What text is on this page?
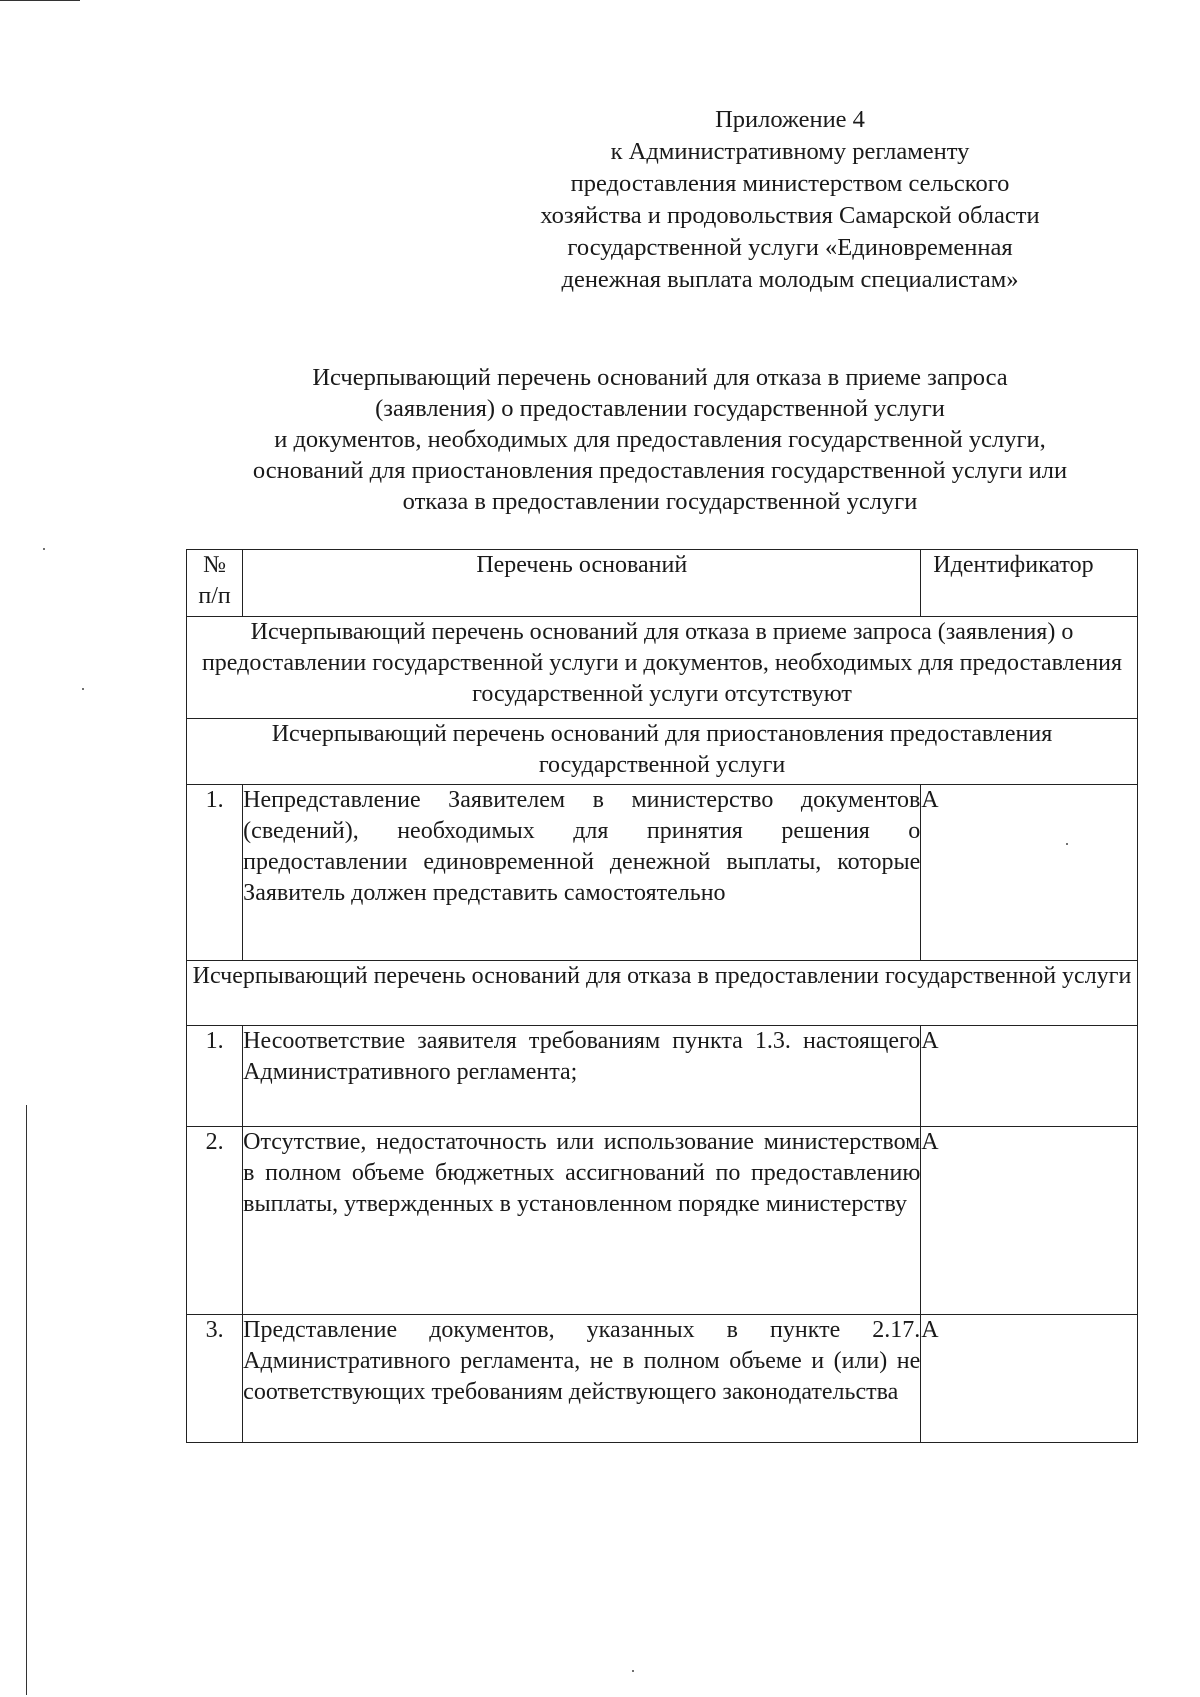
Приложение 4
к Административному регламенту
предоставления министерством сельского
хозяйства и продовольствия Самарской области
государственной услуги «Единовременная
денежная выплата молодым специалистам»
Исчерпывающий перечень оснований для отказа в приеме запроса
(заявления) о предоставлении государственной услуги
и документов, необходимых для предоставления государственной услуги,
оснований для приостановления предоставления государственной услуги или
отказа в предоставлении государственной услуги
№
п/п	Перечень оснований	Идентификатор
Исчерпывающий перечень оснований для отказа в приеме запроса (заявления) о предоставлении государственной услуги и документов, необходимых для предоставления государственной услуги отсутствуют		
Исчерпывающий перечень оснований для приостановления предоставления государственной услуги		
1.	Непредставление Заявителем в министерство документов (сведений), необходимых для принятия решения о предоставлении единовременной денежной выплаты, которые Заявитель должен представить самостоятельно	А
Исчерпывающий перечень оснований для отказа в предоставлении государственной услуги		
1.	Несоответствие заявителя требованиям пункта 1.3. настоящего Административного регламента;	А
2.	Отсутствие, недостаточность или использование министерством в полном объеме бюджетных ассигнований по предоставлению выплаты, утвержденных в установленном порядке министерству	А
3.	Представление документов, указанных в пункте 2.17. Административного регламента, не в полном объеме и (или) не соответствующих требованиям действующего законодательства	А
